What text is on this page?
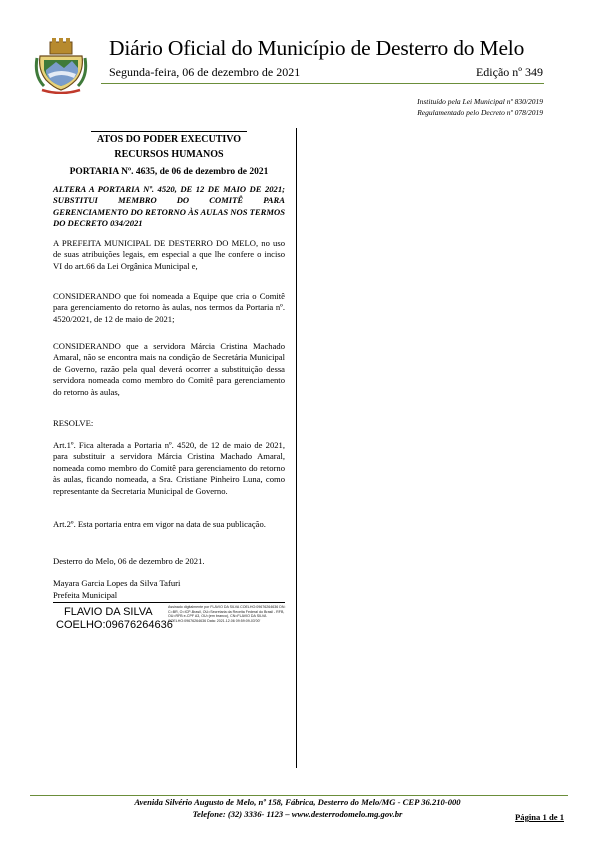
Diário Oficial do Município de Desterro do Melo
Segunda-feira, 06 de dezembro de 2021	Edição nº 349
Instituído pela Lei Municipal nº 830/2019
Regulamentado pelo Decreto nº 078/2019
ATOS DO PODER EXECUTIVO
RECURSOS HUMANOS
PORTARIA Nº. 4635, de 06 de dezembro de 2021
ALTERA A PORTARIA Nº. 4520, DE 12 DE MAIO DE 2021; SUBSTITUI MEMBRO DO COMITÊ PARA GERENCIAMENTO DO RETORNO ÀS AULAS NOS TERMOS DO DECRETO 034/2021
A PREFEITA MUNICIPAL DE DESTERRO DO MELO, no uso de suas atribuições legais, em especial a que lhe confere o inciso VI do art.66 da Lei Orgânica Municipal e,
CONSIDERANDO que foi nomeada a Equipe que cria o Comitê para gerenciamento do retorno às aulas, nos termos da Portaria nº. 4520/2021, de 12 de maio de 2021;
CONSIDERANDO que a servidora Márcia Cristina Machado Amaral, não se encontra mais na condição de Secretária Municipal de Governo, razão pela qual deverá ocorrer a substituição dessa servidora nomeada como membro do Comitê para gerenciamento do retorno às aulas,
RESOLVE:
Art.1º. Fica alterada a Portaria nº. 4520, de 12 de maio de 2021, para substituir a servidora Márcia Cristina Machado Amaral, nomeada como membro do Comitê para gerenciamento do retorno às aulas, ficando nomeada, a Sra. Cristiane Pinheiro Luna, como representante da Secretaria Municipal de Governo.
Art.2º. Esta portaria entra em vigor na data de sua publicação.
Desterro do Melo, 06 de dezembro de 2021.
Mayara Garcia Lopes da Silva Tafuri
Prefeita Municipal
FLAVIO DA SILVA
COELHO:09676264636
Assinado digitalmente por FLAVIO DA SILVA COELHO:09676264636 DN: C=BR, O=ICP-Brasil, OU=Secretaria da Receita Federal do Brasil - RFB, OU=RFB e-CPF A3, OU=(em branco), CN=FLAVIO DA SILVA COELHO:09676264636 Data: 2021.12.06 09:59:09-03'00'
Avenida Silvério Augusto de Melo, nº 158, Fábrica, Desterro do Melo/MG - CEP 36.210-000
Telefone: (32) 3336- 1123 – www.desterrodomelo.mg.gov.br	Página 1 de 1
